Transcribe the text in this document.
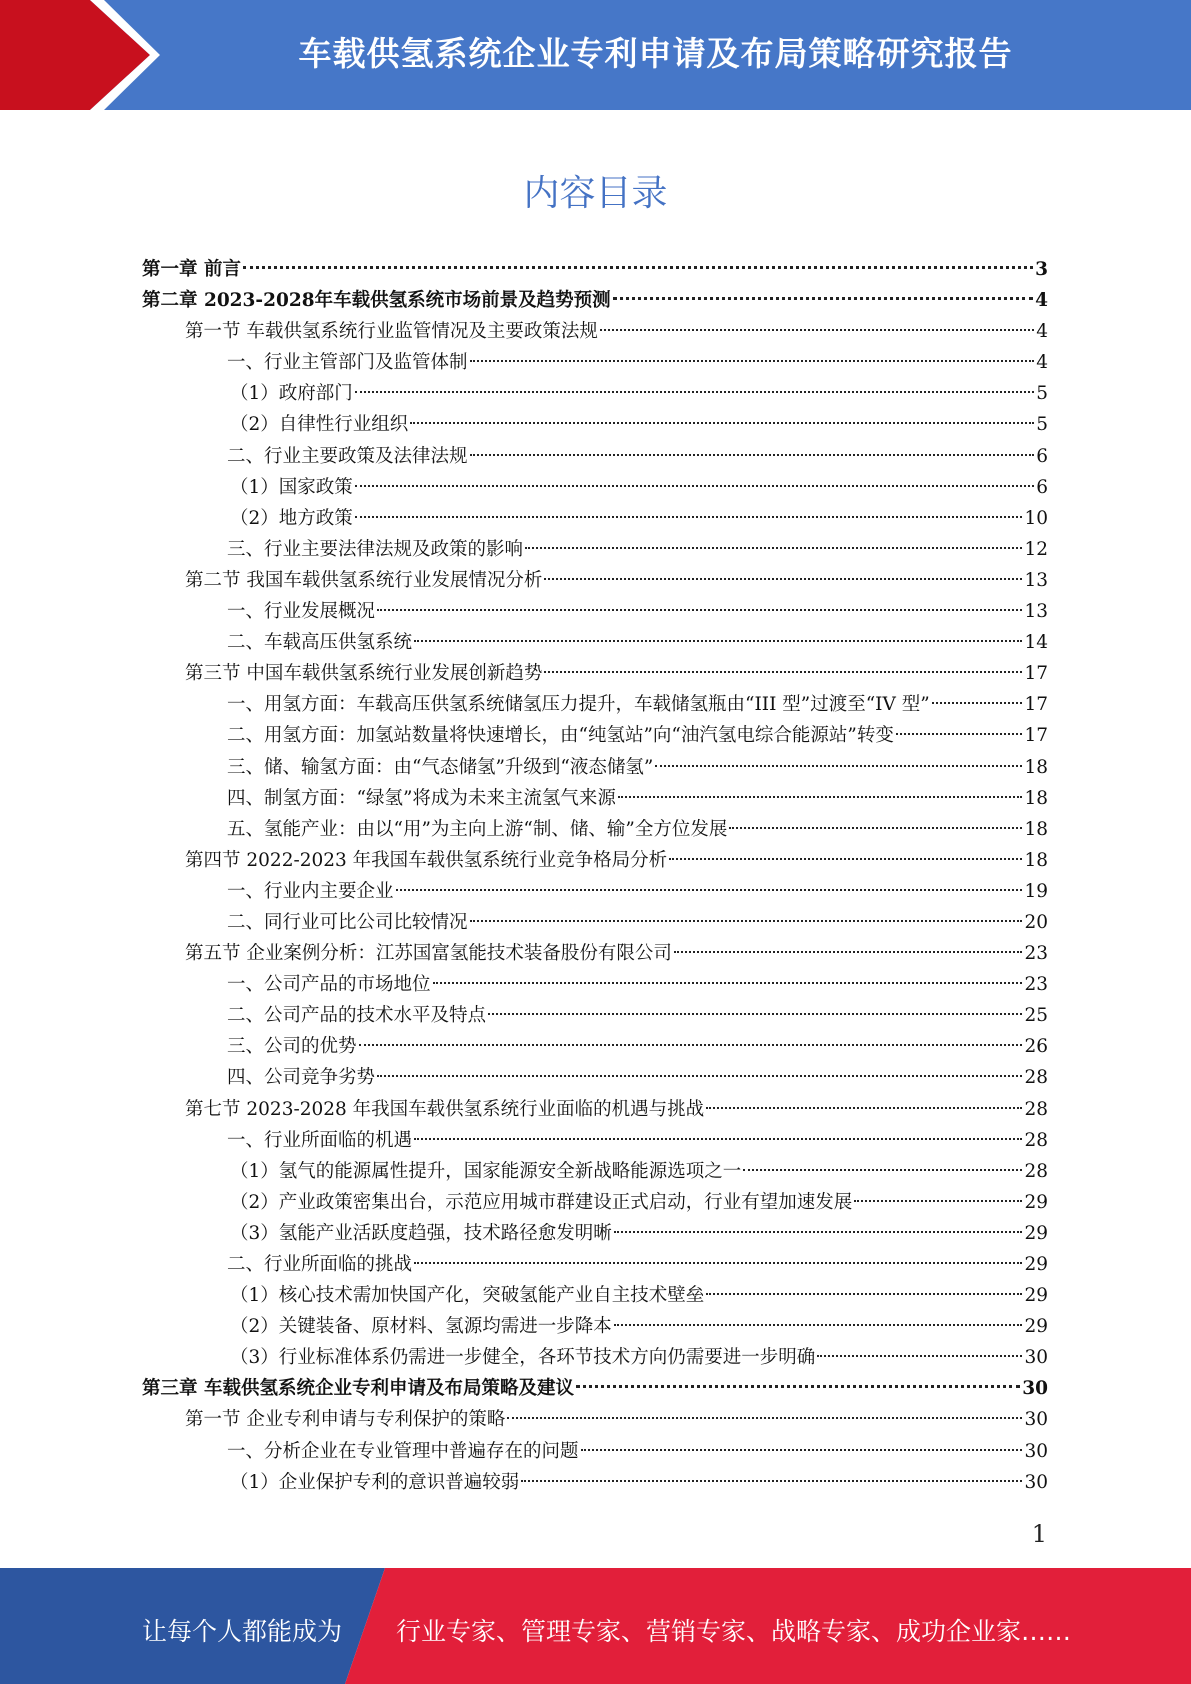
车载供氢系统企业专利申请及布局策略研究报告
内容目录
第一章 前言	3
第二章 2023-2028年车载供氢系统市场前景及趋势预测	4
第一节 车载供氢系统行业监管情况及主要政策法规	4
一、行业主管部门及监管体制	4
（1）政府部门	5
（2）自律性行业组织	5
二、行业主要政策及法律法规	6
（1）国家政策	6
（2）地方政策	10
三、行业主要法律法规及政策的影响	12
第二节 我国车载供氢系统行业发展情况分析	13
一、行业发展概况	13
二、车载高压供氢系统	14
第三节 中国车载供氢系统行业发展创新趋势	17
一、用氢方面：车载高压供氢系统储氢压力提升，车载储氢瓶由“III 型”过渡至“IV 型”	17
二、用氢方面：加氢站数量将快速增长，由“纯氢站”向“油汽氢电综合能源站”转变	17
三、储、输氢方面：由“气态储氢”升级到“液态储氢”	18
四、制氢方面：“绿氢”将成为未来主流氢气来源	18
五、氢能产业：由以“用”为主向上游“制、储、输”全方位发展	18
第四节 2022-2023 年我国车载供氢系统行业竞争格局分析	18
一、行业内主要企业	19
二、同行业可比公司比较情况	20
第五节 企业案例分析：江苏国富氢能技术装备股份有限公司	23
一、公司产品的市场地位	23
二、公司产品的技术水平及特点	25
三、公司的优势	26
四、公司竞争劣势	28
第七节 2023-2028 年我国车载供氢系统行业面临的机遇与挑战	28
一、行业所面临的机遇	28
（1）氢气的能源属性提升，国家能源安全新战略能源选项之一	28
（2）产业政策密集出台，示范应用城市群建设正式启动，行业有望加速发展	29
（3）氢能产业活跃度趋强，技术路径愈发明晰	29
二、行业所面临的挑战	29
（1）核心技术需加快国产化，突破氢能产业自主技术壁垒	29
（2）关键装备、原材料、氢源均需进一步降本	29
（3）行业标准体系仍需进一步健全，各环节技术方向仍需要进一步明确	30
第三章 车载供氢系统企业专利申请及布局策略及建议	30
第一节 企业专利申请与专利保护的策略	30
一、分析企业在专业管理中普遍存在的问题	30
（1）企业保护专利的意识普遍较弱	30
1
让每个人都能成为 行业专家、管理专家、营销专家、战略专家、成功企业家……
